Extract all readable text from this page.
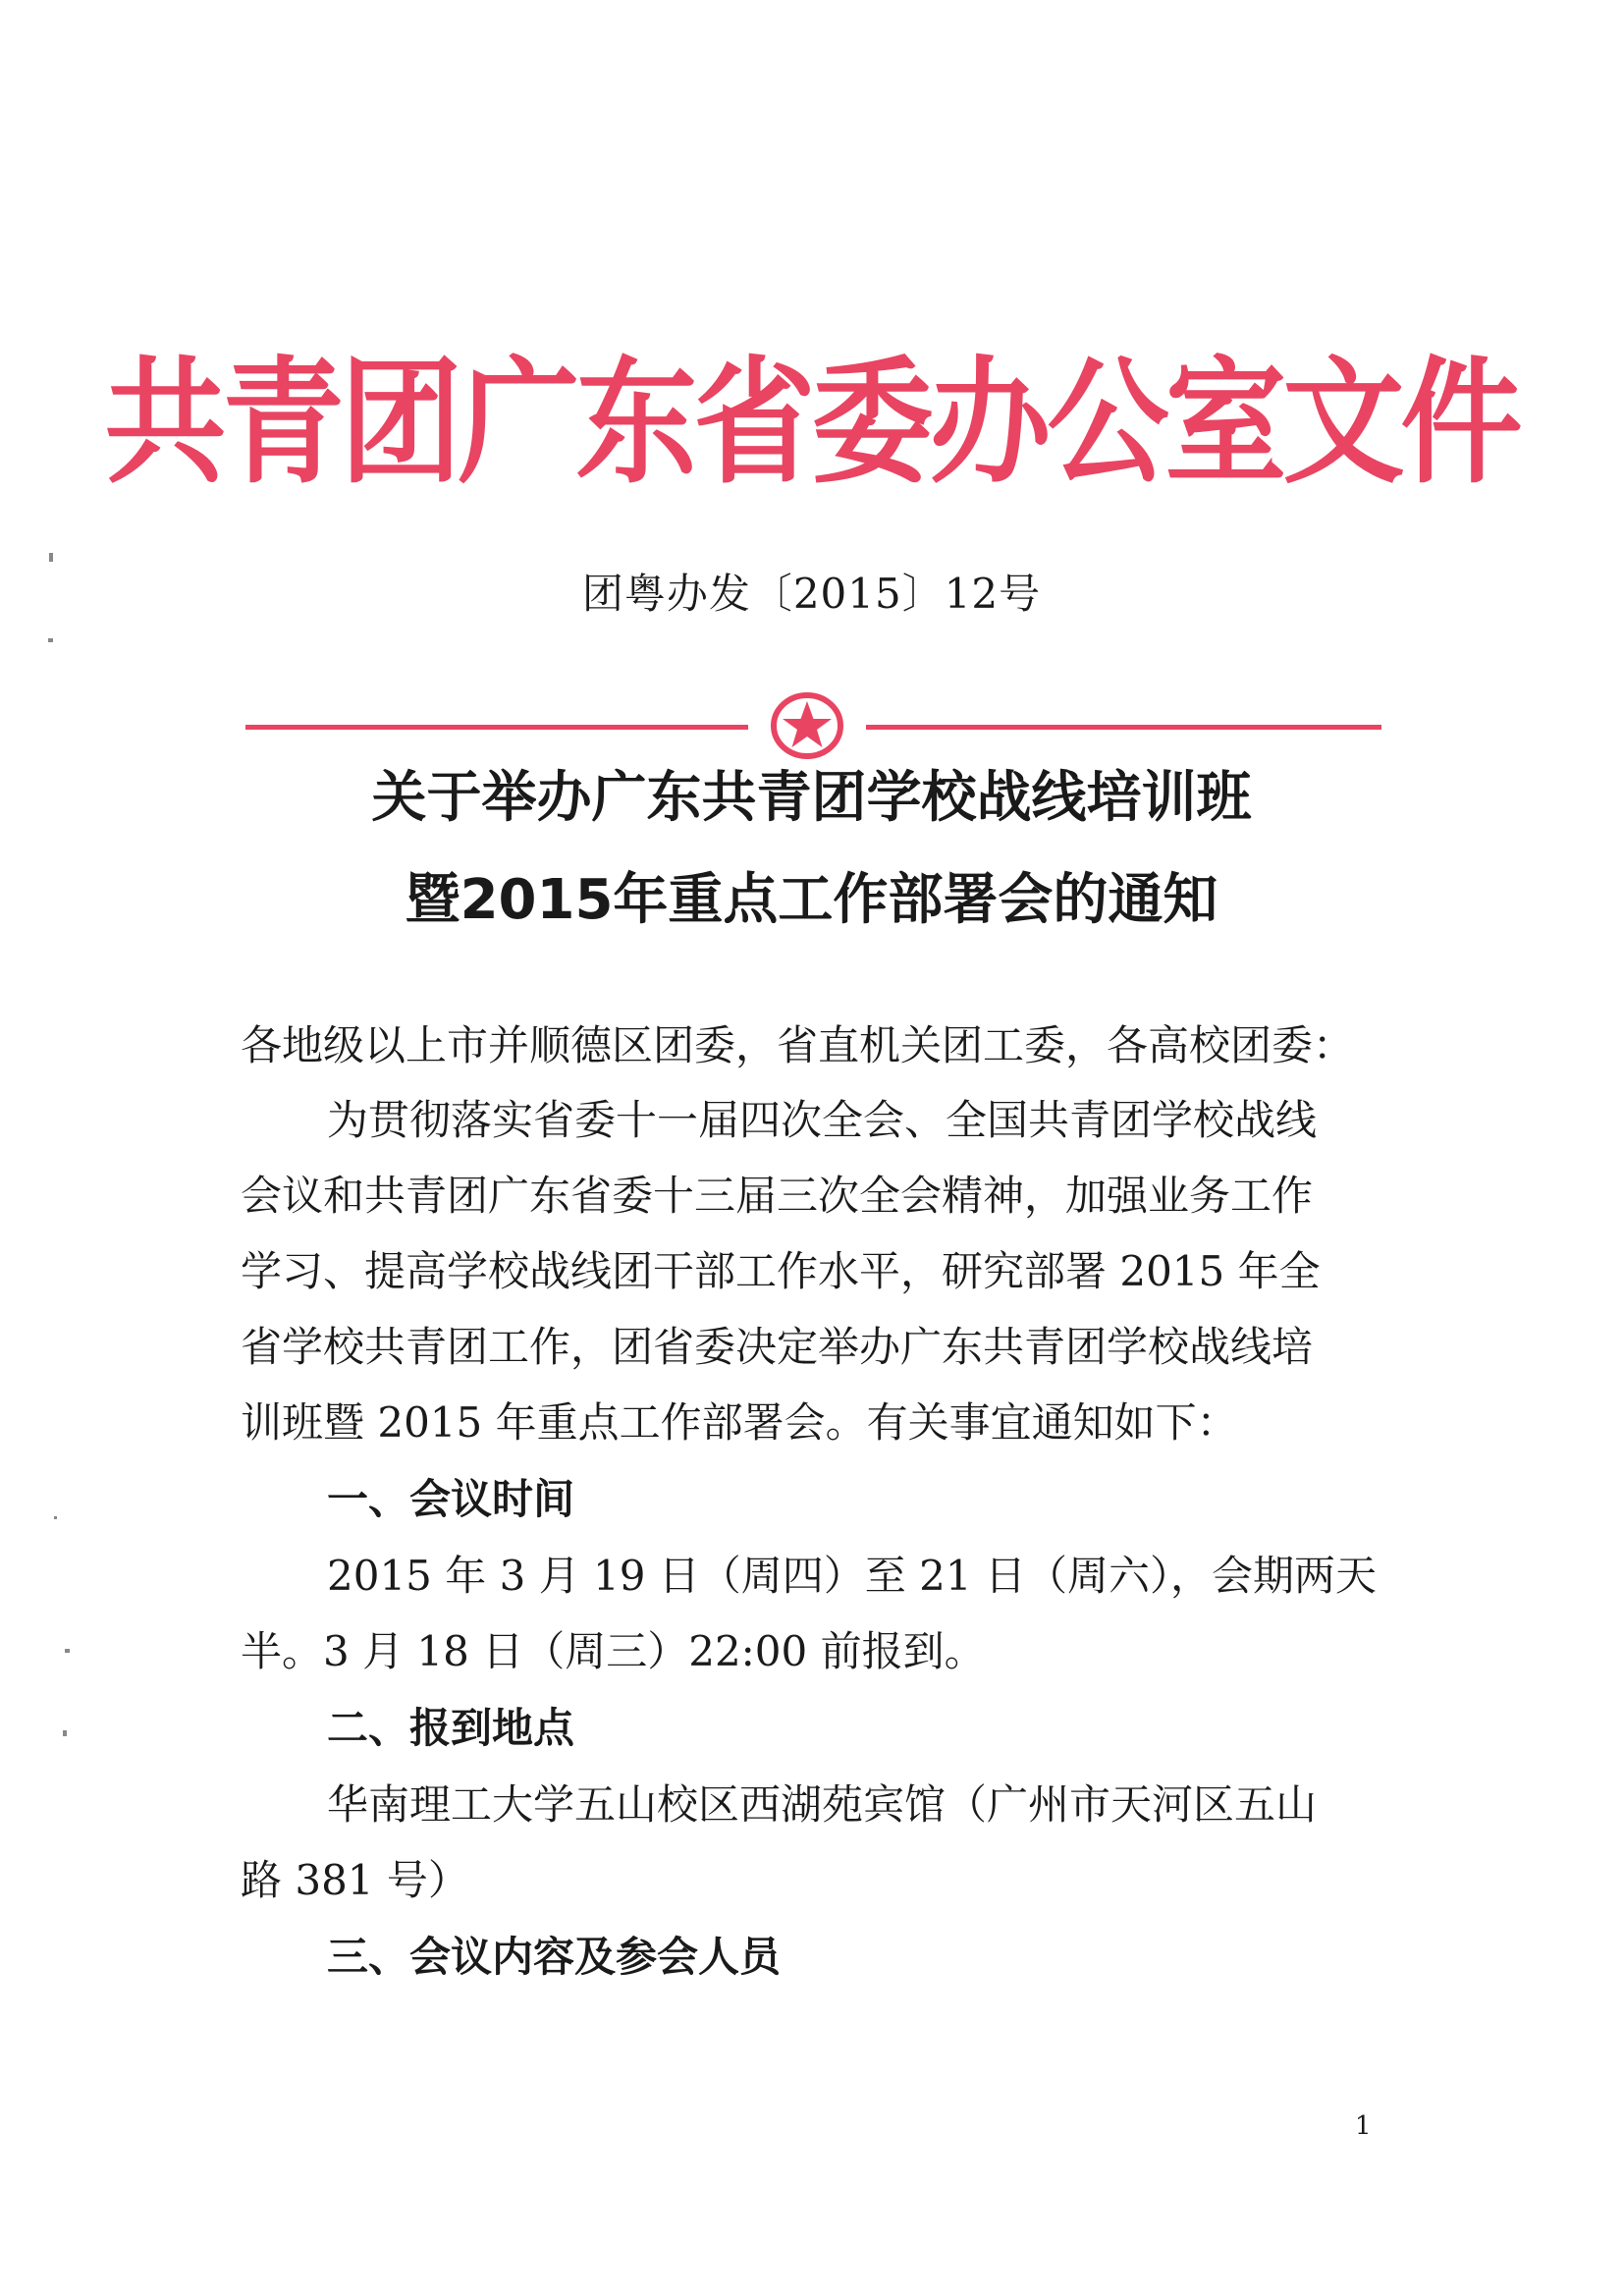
共青团广东省委办公室文件
团粤办发〔2015〕12号
关于举办广东共青团学校战线培训班
暨2015年重点工作部署会的通知
各地级以上市并顺德区团委，省直机关团工委，各高校团委：
为贯彻落实省委十一届四次全会、全国共青团学校战线
会议和共青团广东省委十三届三次全会精神，加强业务工作
学习、提高学校战线团干部工作水平，研究部署 2015 年全
省学校共青团工作，团省委决定举办广东共青团学校战线培
训班暨 2015 年重点工作部署会。有关事宜通知如下：
一、会议时间
2015 年 3 月 19 日（周四）至 21 日（周六），会期两天
半。3 月 18 日（周三）22:00 前报到。
二、报到地点
华南理工大学五山校区西湖苑宾馆（广州市天河区五山
路 381 号）
三、会议内容及参会人员
1
